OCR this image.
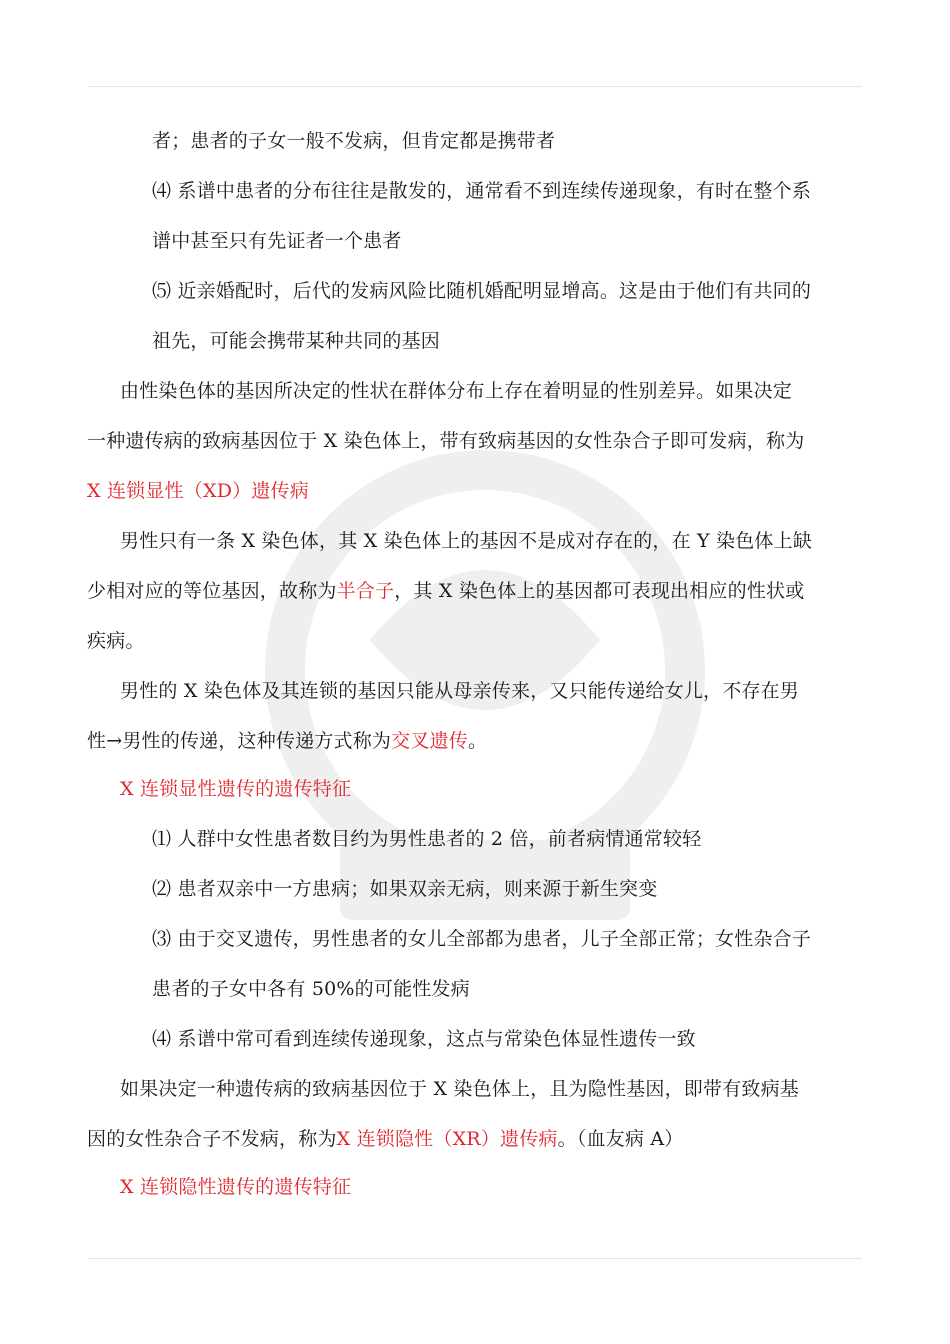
者；患者的子女一般不发病，但肯定都是携带者
⑷ 系谱中患者的分布往往是散发的，通常看不到连续传递现象，有时在整个系
谱中甚至只有先证者一个患者
⑸ 近亲婚配时，后代的发病风险比随机婚配明显增高。这是由于他们有共同的
祖先，可能会携带某种共同的基因
由性染色体的基因所决定的性状在群体分布上存在着明显的性别差异。如果决定
一种遗传病的致病基因位于 X 染色体上，带有致病基因的女性杂合子即可发病，称为
X 连锁显性（XD）遗传病
男性只有一条 X 染色体，其 X 染色体上的基因不是成对存在的，在 Y 染色体上缺
少相对应的等位基因，故称为半合子，其 X 染色体上的基因都可表现出相应的性状或
疾病。
男性的 X 染色体及其连锁的基因只能从母亲传来，又只能传递给女儿，不存在男
性→男性的传递，这种传递方式称为交叉遗传。
X 连锁显性遗传的遗传特征
⑴ 人群中女性患者数目约为男性患者的 2 倍，前者病情通常较轻
⑵ 患者双亲中一方患病；如果双亲无病，则来源于新生突变
⑶ 由于交叉遗传，男性患者的女儿全部都为患者，儿子全部正常；女性杂合子
患者的子女中各有 50%的可能性发病
⑷ 系谱中常可看到连续传递现象，这点与常染色体显性遗传一致
如果决定一种遗传病的致病基因位于 X 染色体上，且为隐性基因，即带有致病基
因的女性杂合子不发病，称为X 连锁隐性（XR）遗传病。（血友病 A）
X 连锁隐性遗传的遗传特征
